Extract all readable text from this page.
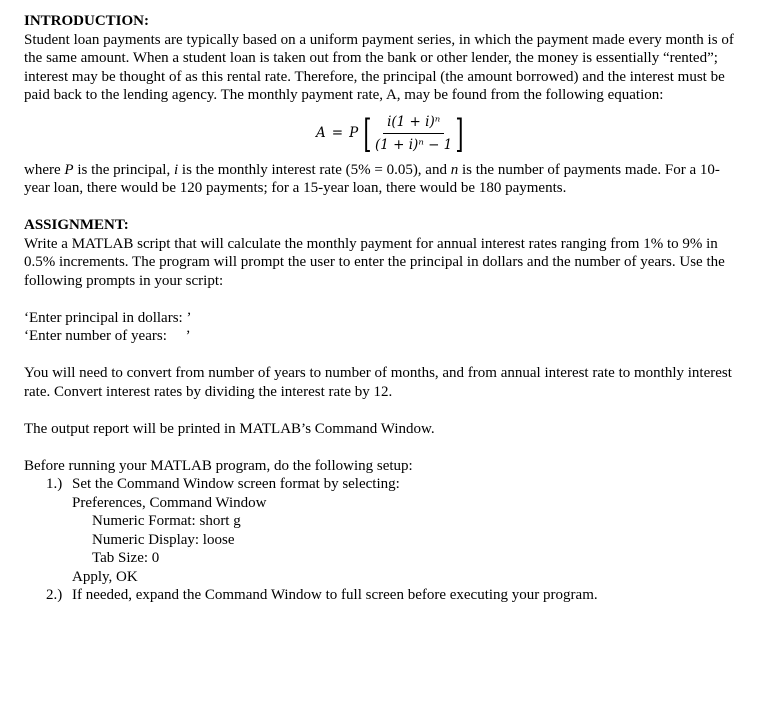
INTRODUCTION:

Student loan payments are typically based on a uniform payment series, in which the payment made every month is of the same amount. When a student loan is taken out from the bank or other lender, the money is essentially “rented”; interest may be thought of as this rental rate. Therefore, the principal (the amount borrowed) and the interest must be paid back to the lending agency. The monthly payment rate, A, may be found from the following equation:

A = P [ $\frac{\text{i(1 + i)ⁿ}}{\text{(1 + i)ⁿ − 1}}$ ]

where P is the principal, i is the monthly interest rate (5% = 0.05), and n is the number of payments made. For a 10-year loan, there would be 120 payments; for a 15-year loan, there would be 180 payments.

ASSIGNMENT:

Write a MATLAB script that will calculate the monthly payment for annual interest rates ranging from 1% to 9% in 0.5% increments. The program will prompt the user to enter the principal in dollars and the number of years. Use the following prompts in your script:

‘Enter principal in dollars: ’

‘Enter number of years:     ’

You will need to convert from number of years to number of months, and from annual interest rate to monthly interest rate. Convert interest rates by dividing the interest rate by 12.

The output report will be printed in MATLAB’s Command Window.

Before running your MATLAB program, do the following setup:

1.) Set the Command Window screen format by selecting:

Preferences, Command Window

Numeric Format: short g

Numeric Display: loose

Tab Size: 0

Apply, OK

2.) If needed, expand the Command Window to full screen before executing your program.
